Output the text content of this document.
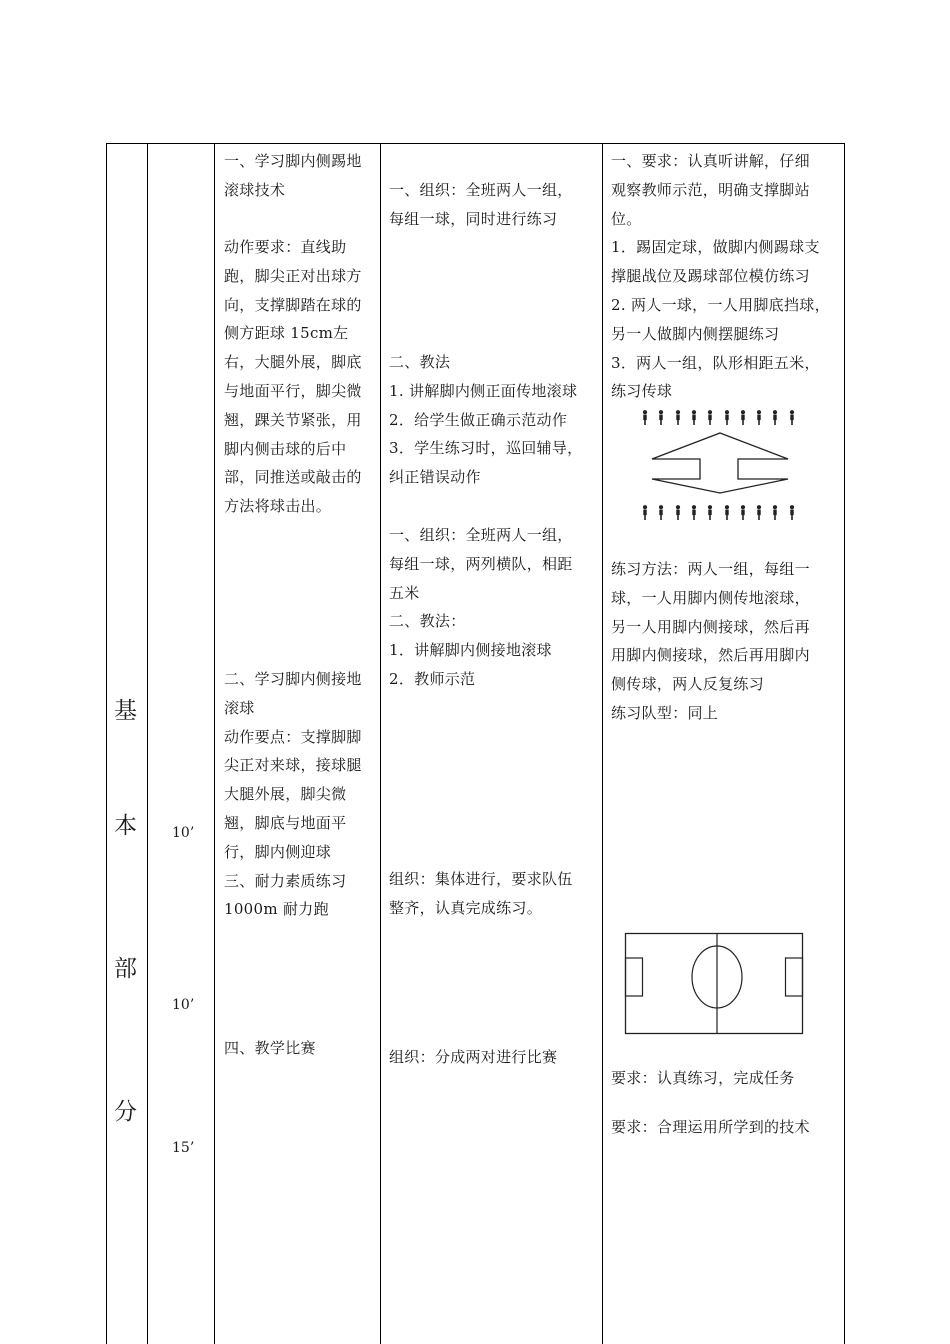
基
本
部
分
10’
10’
15’

一、学习脚内侧踢地

滚球技术

动作要求：直线助

跑，脚尖正对出球方

向，支撑脚踏在球的

侧方距球 15cm左

右，大腿外展，脚底

与地面平行，脚尖微

翘，踝关节紧张，用

脚内侧击球的后中

部，同推送或敲击的

方法将球击出。

二、学习脚内侧接地

滚球

动作要点：支撑脚脚

尖正对来球，接球腿

大腿外展，脚尖微

翘，脚底与地面平

行，脚内侧迎球

三、耐力素质练习

1000m 耐力跑

四、教学比赛

一、组织：全班两人一组，

每组一球，同时进行练习

二、教法

1. 讲解脚内侧正面传地滚球

2．给学生做正确示范动作

3．学生练习时，巡回辅导，

纠正错误动作

一、组织：全班两人一组，

每组一球，两列横队，相距

五米

二、教法：

1．讲解脚内侧接地滚球

2．教师示范

组织：集体进行，要求队伍

整齐，认真完成练习。

组织：分成两对进行比赛

一、要求：认真听讲解，仔细

观察教师示范，明确支撑脚站

位。

1．踢固定球，做脚内侧踢球支

撑腿战位及踢球部位模仿练习

2. 两人一球，一人用脚底挡球，

另一人做脚内侧摆腿练习

3．两人一组，队形相距五米，

练习传球

练习方法：两人一组，每组一

球，一人用脚内侧传地滚球，

另一人用脚内侧接球，然后再

用脚内侧接球，然后再用脚内

侧传球，两人反复练习

练习队型：同上

要求：认真练习，完成任务

要求：合理运用所学到的技术
